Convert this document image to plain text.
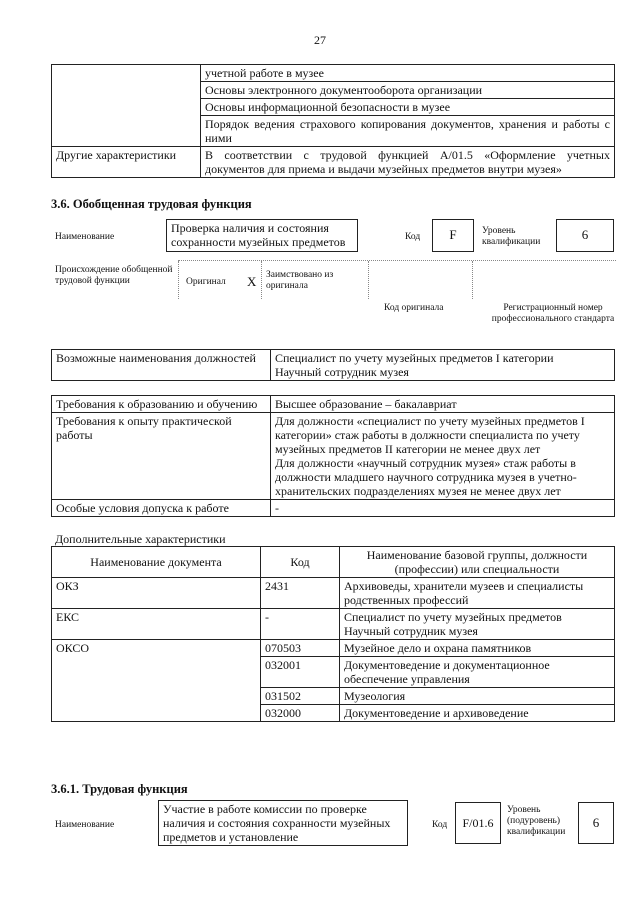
27
	учетной работе в музее
	Основы электронного документооборота организации
	Основы информационной безопасности в музее
	Порядок ведения страхового копирования документов, хранения и работы с ними
Другие характеристики	В соответствии с трудовой функцией А/01.5 «Оформление учетных документов для приема и выдачи музейных предметов внутри музея»
3.6. Обобщенная трудовая функция
Наименование
Проверка наличия и состояния сохранности музейных предметов	Код	F	Уровень квалификации	6
Происхождение обобщенной трудовой функции	Оригинал X Заимствовано из оригинала
Код оригинала	Регистрационный номер профессионального стандарта
Возможные наименования должностей	Специалист по учету музейных предметов I категории
Научный сотрудник музея
Требования к образованию и обучению	Высшее образование – бакалавриат
Требования к опыту практической работы	Для должности «специалист по учету музейных предметов I категории» стаж работы в должности специалиста по учету музейных предметов II категории не менее двух лет
Для должности «научный сотрудник музея» стаж работы в должности младшего научного сотрудника музея в учетно-хранительских подразделениях музея не менее двух лет

Особые условия допуска к работе	-
Дополнительные характеристики
Наименование документа	Код	Наименование базовой группы, должности (профессии) или специальности
ОКЗ	2431	Архивоведы, хранители музеев и специалисты родственных профессий
ЕКС	-	Специалист по учету музейных предметов
Научный сотрудник музея

ОКСО	070503	Музейное дело и охрана памятников
	032001	Документоведение и документационное обеспечение управления
	031502	Музеология
	032000	Документоведение и архивоведение
3.6.1. Трудовая функция
Наименование
Участие в работе комиссии по проверке наличия и состояния сохранности музейных предметов и установление
Код	F/01.6
Уровень (подуровень) квалификации
6
